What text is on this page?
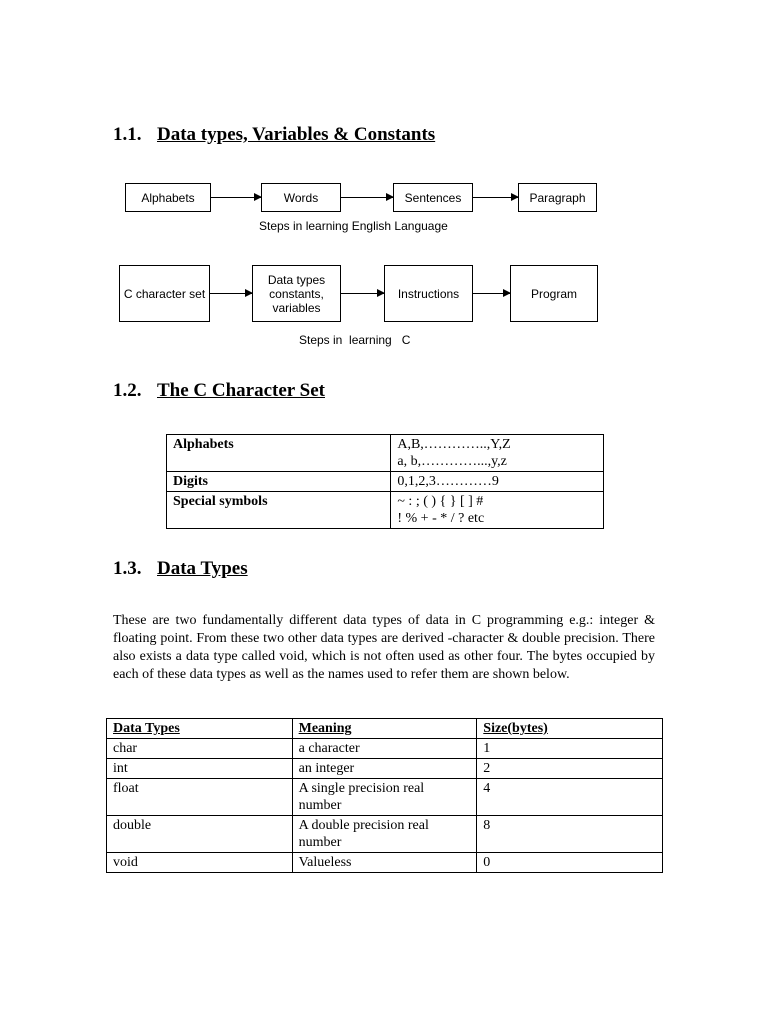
1.1. Data types, Variables & Constants
Alphabets	Words	Sentences	Paragraph
Steps in learning English Language
C character set
Data types constants, variables
Instructions	Program
Steps in  learning   C
1.2. The C Character Set
Alphabets	A,B,…………..,Y,Z
a, b,…………...,y,z

Digits	0,1,2,3…………9

Special symbols	~ : ; ( ) { } [ ] #
! % + - * / ? etc
1.3. Data Types

These are two fundamentally different data types of data in C programming e.g.: integer & floating point. From these two other data types are derived -character & double precision. There also exists a data type called void, which is not often used as other four. The bytes occupied by each of these data types as well as the names used to refer them are shown below.

Data Types	Meaning	Size(bytes)
char	a character	1
int	an integer	2
float	A single precision real number	4
double	A double precision real number	8
void	Valueless	0
